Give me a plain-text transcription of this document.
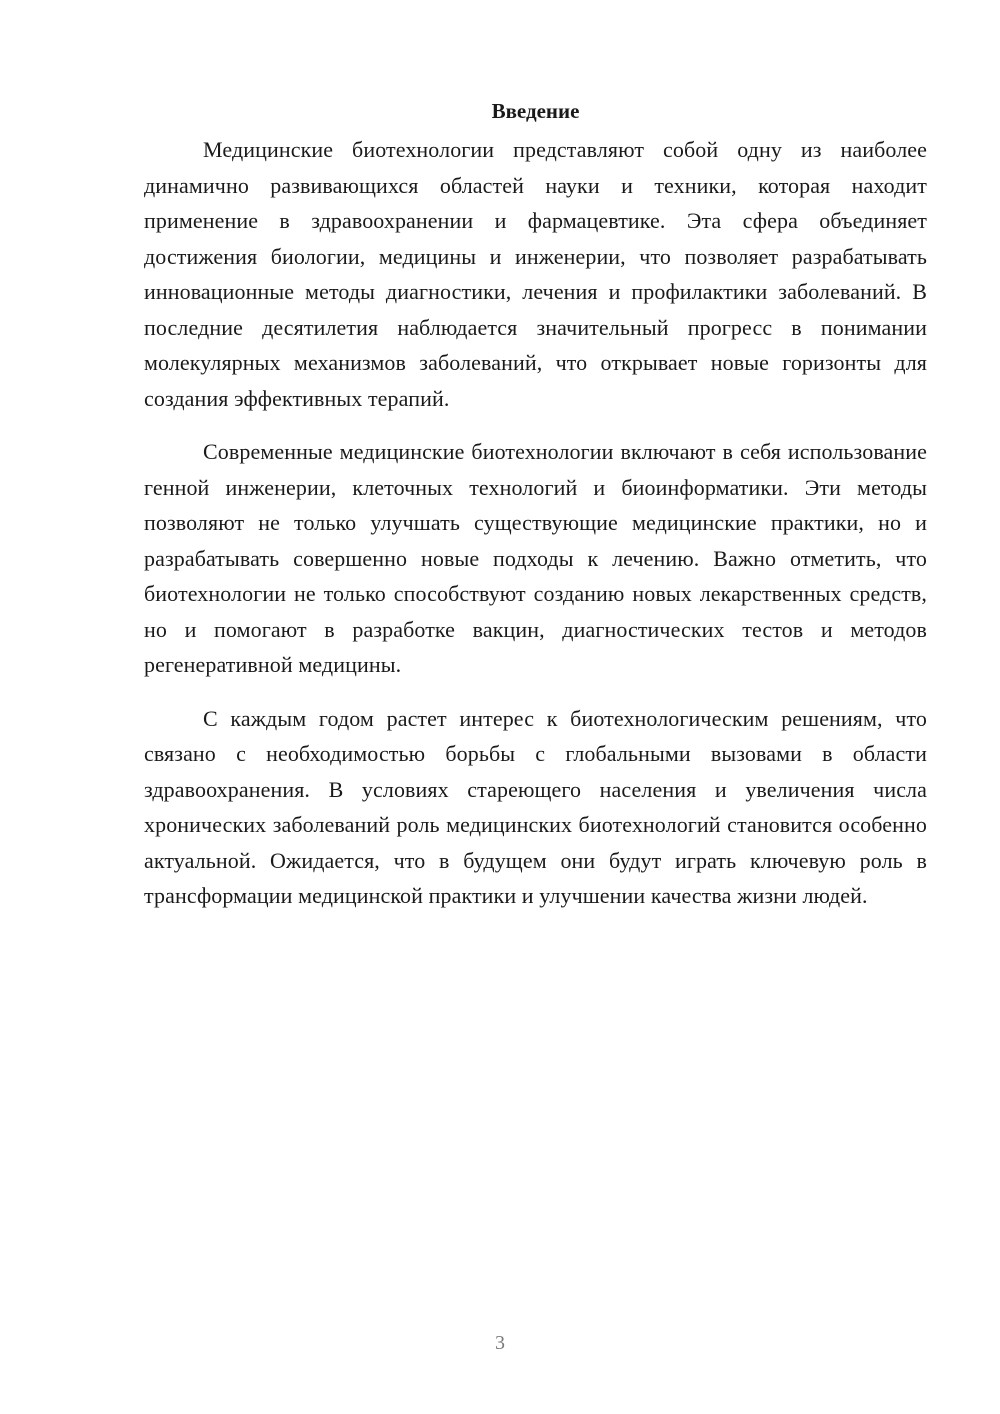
Введение

Медицинские биотехнологии представляют собой одну из наиболее динамично развивающихся областей науки и техники, которая находит применение в здравоохранении и фармацевтике. Эта сфера объединяет достижения биологии, медицины и инженерии, что позволяет разрабатывать инновационные методы диагностики, лечения и профилактики заболеваний. В последние десятилетия наблюдается значительный прогресс в понимании молекулярных механизмов заболеваний, что открывает новые горизонты для создания эффективных терапий.

Современные медицинские биотехнологии включают в себя использование генной инженерии, клеточных технологий и биоинформатики. Эти методы позволяют не только улучшать существующие медицинские практики, но и разрабатывать совершенно новые подходы к лечению. Важно отметить, что биотехнологии не только способствуют созданию новых лекарственных средств, но и помогают в разработке вакцин, диагностических тестов и методов регенеративной медицины.

С каждым годом растет интерес к биотехнологическим решениям, что связано с необходимостью борьбы с глобальными вызовами в области здравоохранения. В условиях стареющего населения и увеличения числа хронических заболеваний роль медицинских биотехнологий становится особенно актуальной. Ожидается, что в будущем они будут играть ключевую роль в трансформации медицинской практики и улучшении качества жизни людей.

3
